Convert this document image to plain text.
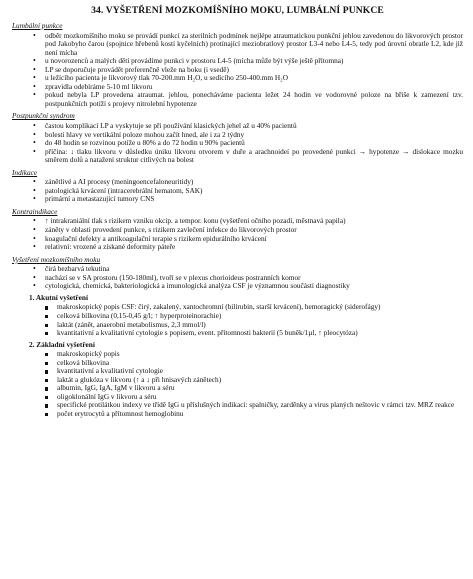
34. VYŠETŘENÍ MOZKOMÍŠNÍHO MOKU, LUMBÁLNÍ PUNKCE
Lumbální punkce
• odběr mozkomíšního moku se provádí punkcí za sterilních podmínek nejlépe atraumatickou punkční jehlou zavedenou do likvorových prostor pod Jakobyho čarou (spojnice hřebenů kostí kyčelních) protínající meziobratlový prostor L3-4 nebo L4-5, tedy pod úrovní obratle L2, kde již není mícha
• u novorozenců a malých dětí provádíme punkci v prostoru L4-5 (mícha může být výše ještě přítomna)
• LP se doporučuje provádět preferenčně vleže na boku (i vsedě)
• u ležícího pacienta je likvorový tlak 70-200.mm H₂O, u sedícího 250-400.mm H₂O
• zpravidla odebíráme 5-10 ml likvoru
• pokud nebyla LP provedena atraumat. jehlou, ponecháváme pacienta ležet 24 hodin ve vodorovné poloze na břiše k zamezení tzv. postpunkčních potíží s projevy nitrolební hypotenze
Postpunkční syndrom
• častou komplikací LP a vyskytuje se při používání klasických jehel až u 40% pacientů
• bolesti hlavy ve vertikální poloze mohou začít hned, ale i za 2 týdny
• do 48 hodin se rozvinou potíže u 80% a do 72 hodin u 90% pacientů
• příčina: ↓ tlaku likvoru v důsledku úniku likvoru otvorem v duře a arachnoideí po provedené punkci → hypotenze → dislokace mozku směrem dolů a natažení struktur citlivých na bolest
Indikace
• zánětlivé a AI procesy (meningoencefaloneuritidy)
• patologická krvácení (intracerebrální hematom, SAK)
• primární a metastazující tumory CNS
Kontraindikace
• ↑ intrakraniální tlak s rizikem vzniku okcip. a tempor. konu (vyšetření očního pozadí, městnavá papila)
• záněty v oblasti provedení punkce, s rizikem zavlečení infekce do likvorových prostor
• koagulační defekty a antikoagulační terapie s rizikem epidurálního krvácení
• relativní: vrozené a získané deformity páteře
Vyšetření mozkomíšního moku
• čirá bezbarvá tekutina
• nachází se v SA prostoru (150-180ml), tvoří se v plexus chorioideus postranních komor
• cytologická, chemická, bakteriologická a imunologická analýza CSF je významnou součástí diagnostiky
1. Akutní vyšetření
makroskopický popis CSF: čirý, zakalený, xantochromní (bilirubin, starší krvácení), hemoragický (siderofágy)
celková bílkovina (0,15-0,45 g/l; ↑ hyperproteinorachie)
laktát (zánět, anaerobní metabolismus, 2,3 mmol/l)
kvantitativní a kvalitativní cytologie s popisem, event. přítomnosti bakterií (5 buněk/1µl, ↑ pleocytóza)
2. Základní vyšetření
makroskopický popis
celková bílkovina
kvantitativní a kvalitativní cytologie
laktát a glukóza v likvoru (↑ a ↓ při hnisavých zánětech)
albumin, IgG, IgA, IgM v likvoru a séru
oligoklonální IgG v likvoru a séru
specifické protilátkou indexy ve třídě IgG u příslušných indikací: spalničky, zarděnky a virus planých neštovic v rámci tzv. MRZ reakce
počet erytrocytů a přítomnost hemoglobinu
